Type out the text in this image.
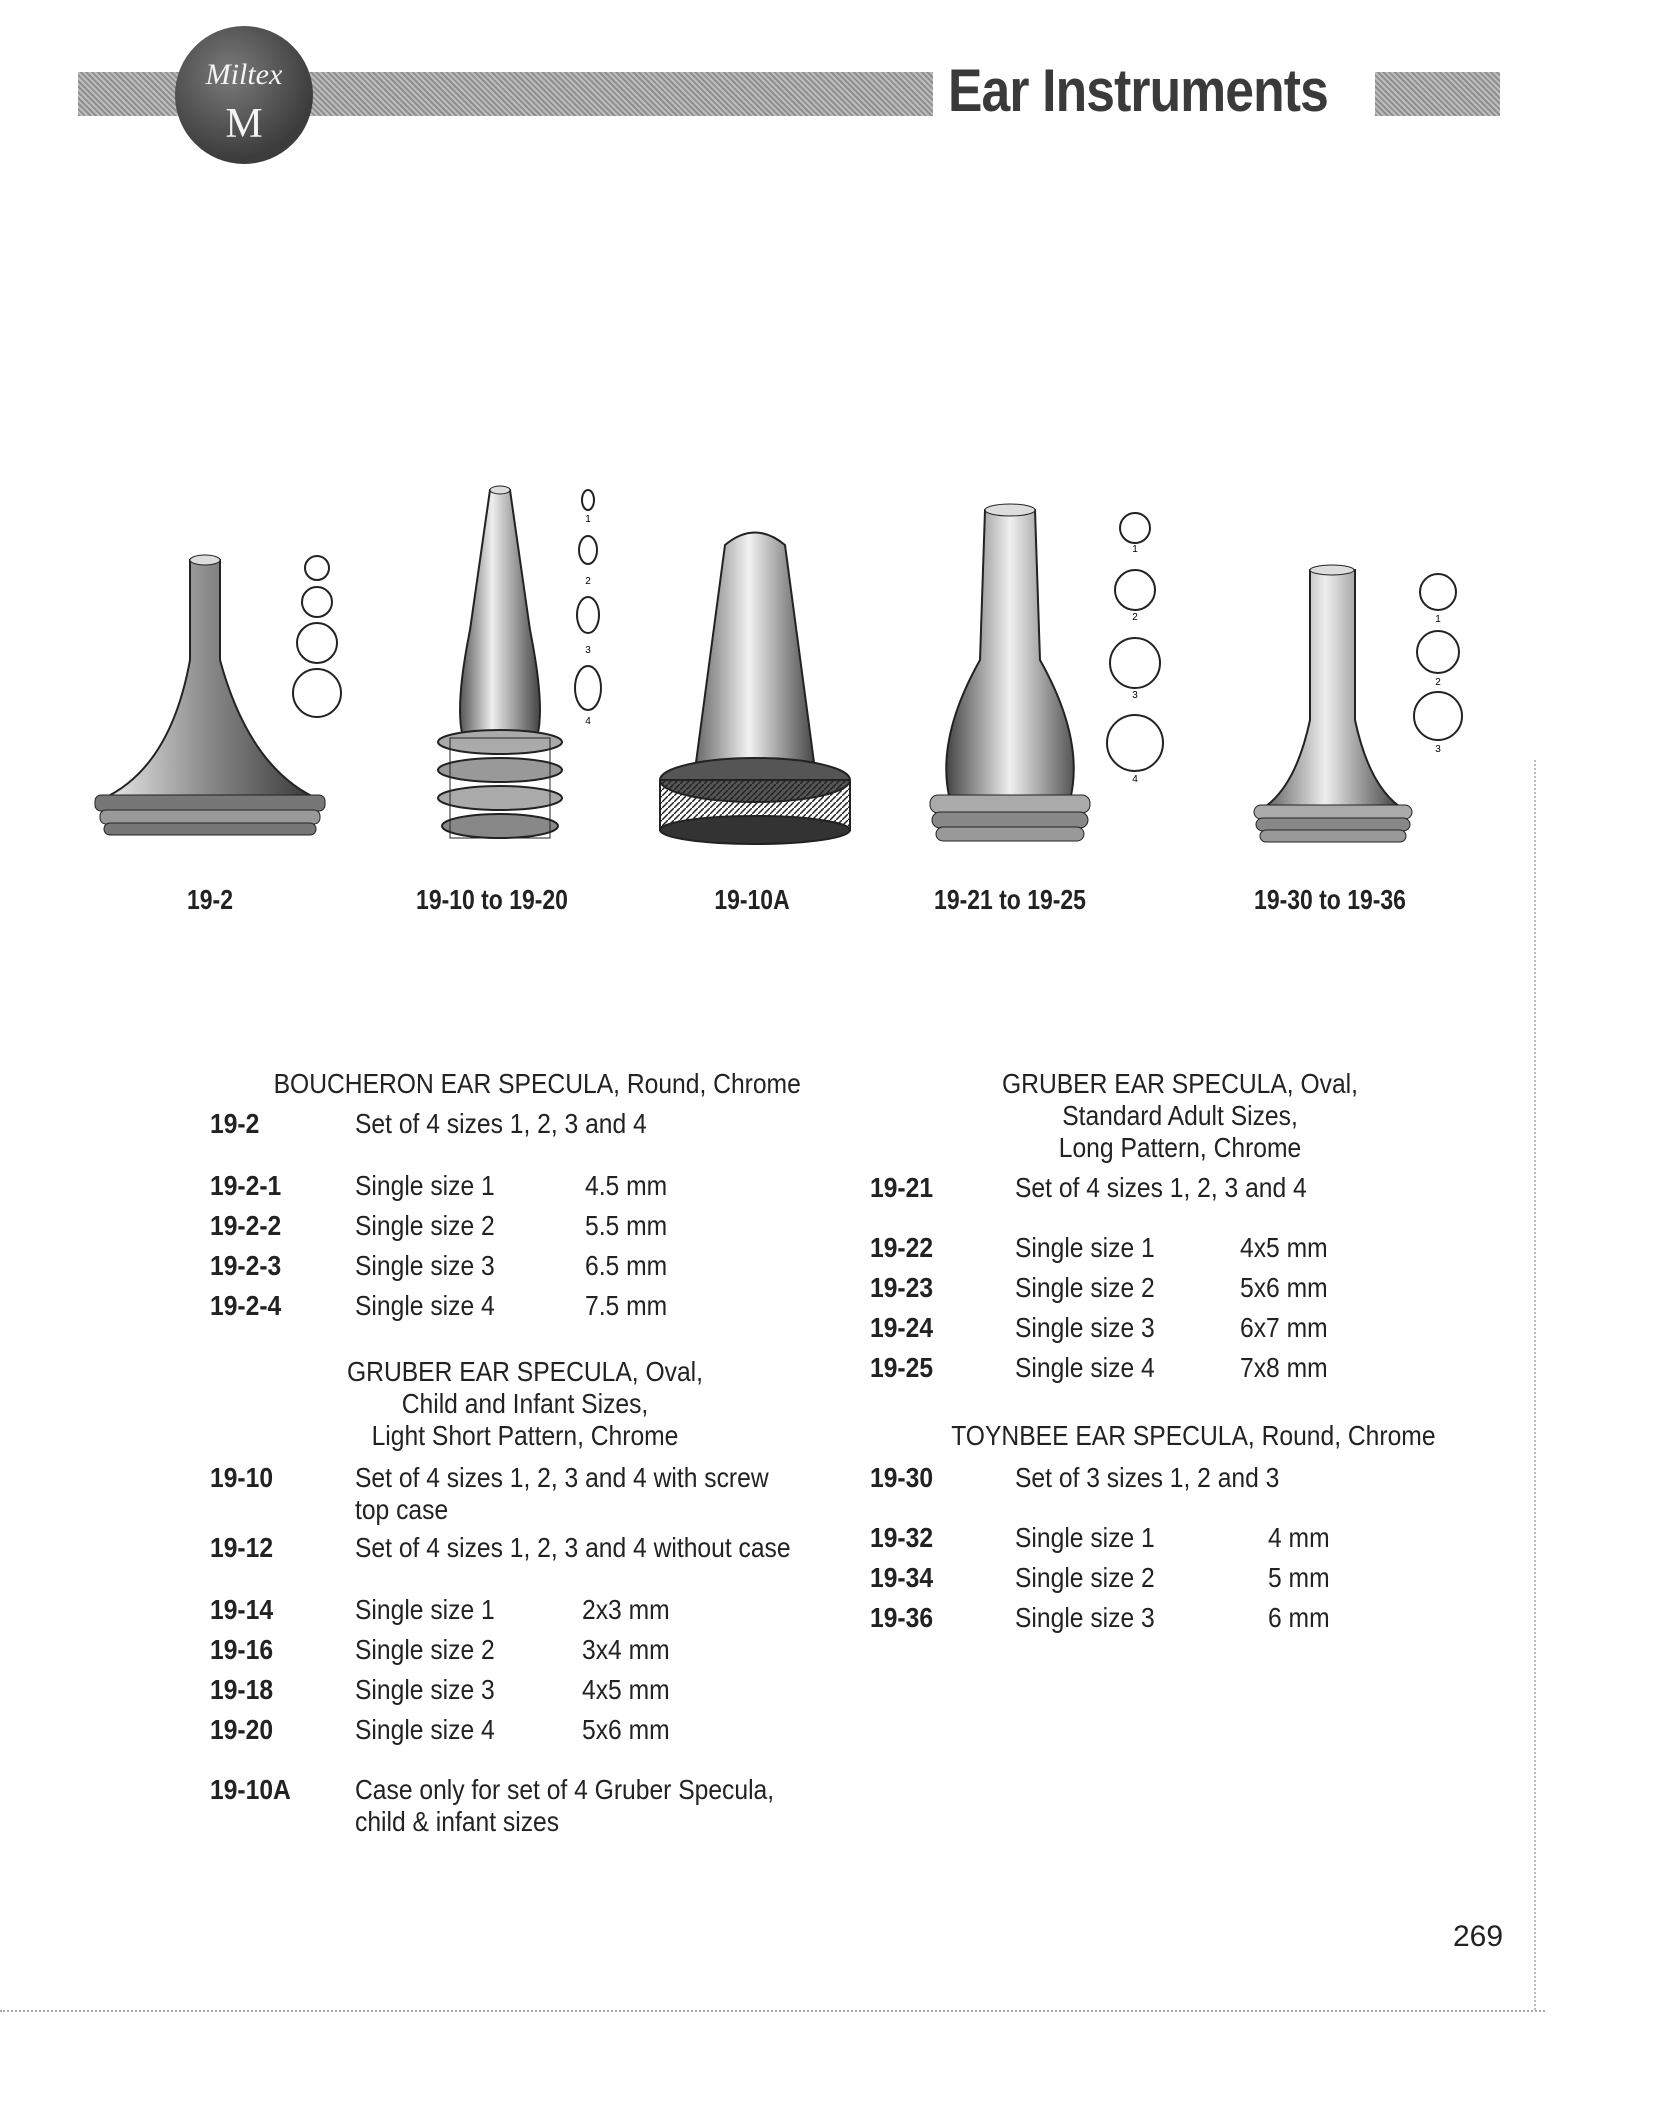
Miltex
M	Ear Instruments
1
2
3
4
1
2
3
4
1
2
3
19-2	19-10 to 19-20	19-10A	19-21 to 19-25	19-30 to 19-36
BOUCHERON EAR SPECULA, Round, Chrome
19-2	Set of 4 sizes 1, 2, 3 and 4
19-2-1	Single size 1	4.5 mm
19-2-2	Single size 2	5.5 mm
19-2-3	Single size 3	6.5 mm
19-2-4	Single size 4	7.5 mm
GRUBER EAR SPECULA, Oval,
Child and Infant Sizes,
Light Short Pattern, Chrome
19-10	Set of 4 sizes 1, 2, 3 and 4 with screw
top case
19-12	Set of 4 sizes 1, 2, 3 and 4 without case
19-14	Single size 1	2x3 mm
19-16	Single size 2	3x4 mm
19-18	Single size 3	4x5 mm
19-20	Single size 4	5x6 mm
19-10A Case only for set of 4 Gruber Specula,
child & infant sizes
GRUBER EAR SPECULA, Oval,
Standard Adult Sizes,
Long Pattern, Chrome
19-21	Set of 4 sizes 1, 2, 3 and 4
19-22	Single size 1	4x5 mm
19-23	Single size 2	5x6 mm
19-24	Single size 3	6x7 mm
19-25	Single size 4	7x8 mm
TOYNBEE EAR SPECULA, Round, Chrome
19-30	Set of 3 sizes 1, 2 and 3
19-32	Single size 1	4 mm
19-34	Single size 2	5 mm
19-36	Single size 3	6 mm
269
